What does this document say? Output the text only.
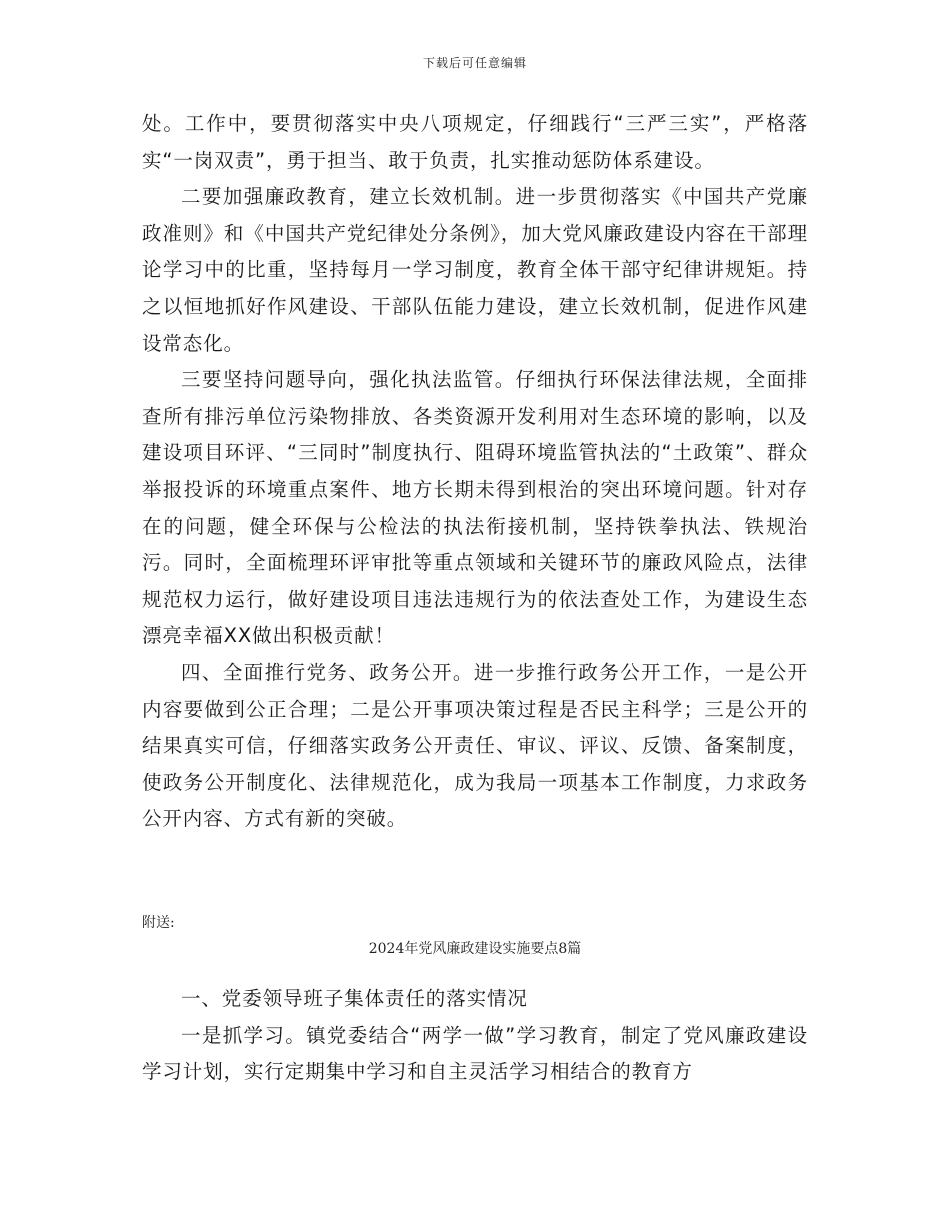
下载后可任意编辑

处。工作中，要贯彻落实中央八项规定，仔细践行“三严三实”，严格落实“一岗双责”，勇于担当、敢于负责，扎实推动惩防体系建设。

二要加强廉政教育，建立长效机制。进一步贯彻落实《中国共产党廉政准则》和《中国共产党纪律处分条例》，加大党风廉政建设内容在干部理论学习中的比重，坚持每月一学习制度，教育全体干部守纪律讲规矩。持之以恒地抓好作风建设、干部队伍能力建设，建立长效机制，促进作风建设常态化。

三要坚持问题导向，强化执法监管。仔细执行环保法律法规，全面排查所有排污单位污染物排放、各类资源开发利用对生态环境的影响，以及建设项目环评、“三同时”制度执行、阻碍环境监管执法的“土政策”、群众举报投诉的环境重点案件、地方长期未得到根治的突出环境问题。针对存在的问题，健全环保与公检法的执法衔接机制，坚持铁拳执法、铁规治污。同时，全面梳理环评审批等重点领域和关键环节的廉政风险点，法律规范权力运行，做好建设项目违法违规行为的依法查处工作，为建设生态漂亮幸福XX做出积极贡献！

四、全面推行党务、政务公开。进一步推行政务公开工作，一是公开内容要做到公正合理；二是公开事项决策过程是否民主科学；三是公开的结果真实可信，仔细落实政务公开责任、审议、评议、反馈、备案制度，使政务公开制度化、法律规范化，成为我局一项基本工作制度，力求政务公开内容、方式有新的突破。

附送:
2024年党风廉政建设实施要点8篇

一、党委领导班子集体责任的落实情况

一是抓学习。镇党委结合“两学一做”学习教育，制定了党风廉政建设学习计划，实行定期集中学习和自主灵活学习相结合的教育方
